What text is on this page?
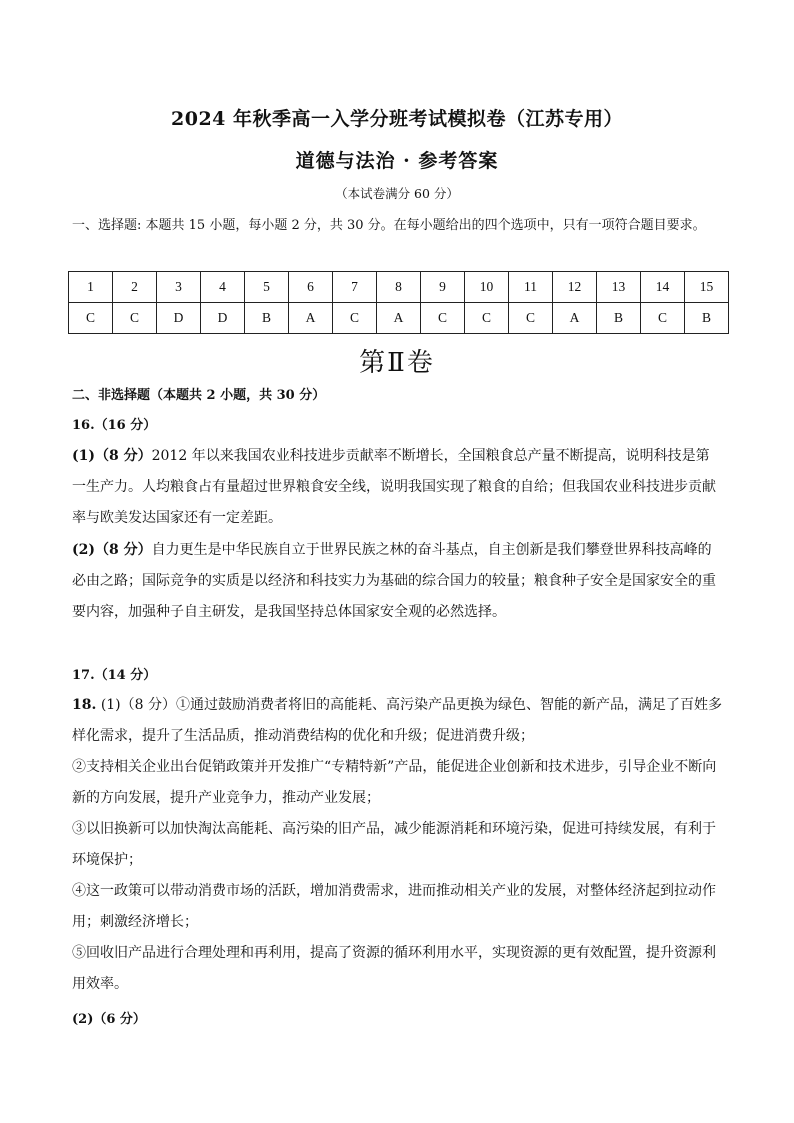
2024 年秋季高一入学分班考试模拟卷（江苏专用）
道德与法治 · 参考答案
（本试卷满分 60 分）
一、选择题: 本题共 15 小题，每小题 2 分，共 30 分。在每小题给出的四个选项中，只有一项符合题目要求。
1	2	3	4	5	6	7	8	9	10	11	12	13	14	15
C	C	D	D	B	A	C	A	C	C	C	A	B	C	B
第Ⅱ卷
二、非选择题（本题共 2 小题，共 30 分）
16.（16 分）
(1)（8 分）2012 年以来我国农业科技进步贡献率不断增长，全国粮食总产量不断提高，说明科技是第一生产力。人均粮食占有量超过世界粮食安全线，说明我国实现了粮食的自给；但我国农业科技进步贡献率与欧美发达国家还有一定差距。
(2)（8 分）自力更生是中华民族自立于世界民族之林的奋斗基点，自主创新是我们攀登世界科技高峰的必由之路；国际竞争的实质是以经济和科技实力为基础的综合国力的较量；粮食种子安全是国家安全的重要内容，加强种子自主研发，是我国坚持总体国家安全观的必然选择。
17.（14 分）
18. (1)（8 分）①通过鼓励消费者将旧的高能耗、高污染产品更换为绿色、智能的新产品，满足了百姓多样化需求，提升了生活品质，推动消费结构的优化和升级；促进消费升级；
②支持相关企业出台促销政策并开发推广“专精特新”产品，能促进企业创新和技术进步，引导企业不断向新的方向发展，提升产业竞争力，推动产业发展；
③以旧换新可以加快淘汰高能耗、高污染的旧产品，减少能源消耗和环境污染，促进可持续发展，有利于环境保护；
④这一政策可以带动消费市场的活跃，增加消费需求，进而推动相关产业的发展，对整体经济起到拉动作用；刺激经济增长；
⑤回收旧产品进行合理处理和再利用，提高了资源的循环利用水平，实现资源的更有效配置，提升资源利用效率。
(2)（6 分）
